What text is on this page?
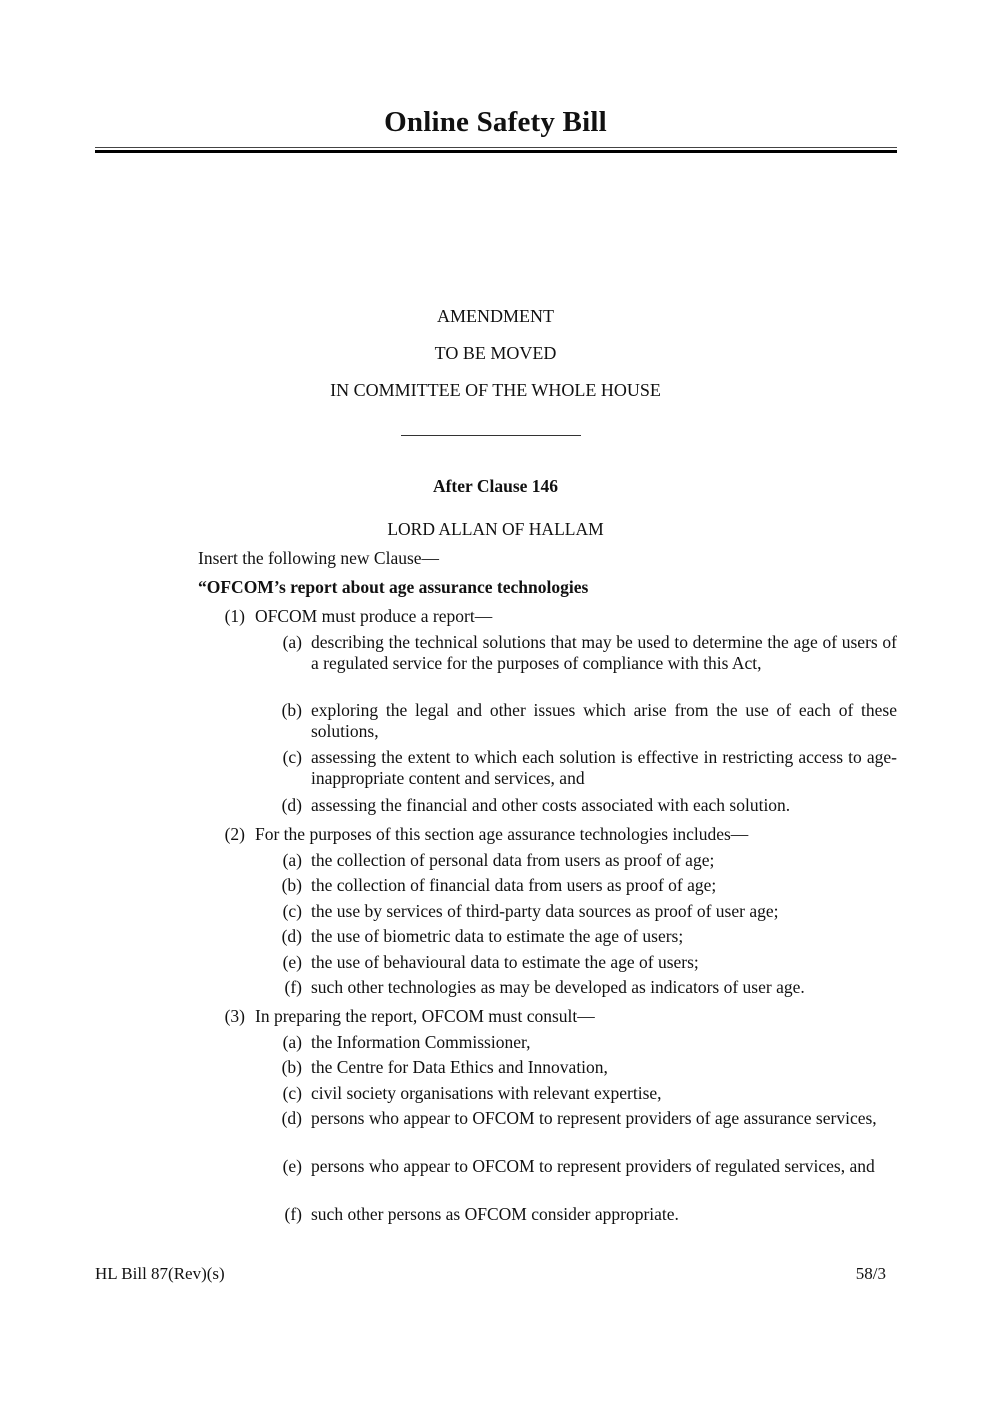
Online Safety Bill
AMENDMENT
TO BE MOVED
IN COMMITTEE OF THE WHOLE HOUSE
After Clause 146
LORD ALLAN OF HALLAM
Insert the following new Clause—
“OFCOM’s report about age assurance technologies
(1) OFCOM must produce a report—
(a) describing the technical solutions that may be used to determine the age of users of a regulated service for the purposes of compliance with this Act,
(b) exploring the legal and other issues which arise from the use of each of these solutions,
(c) assessing the extent to which each solution is effective in restricting access to age-inappropriate content and services, and
(d) assessing the financial and other costs associated with each solution.
(2) For the purposes of this section age assurance technologies includes—
(a) the collection of personal data from users as proof of age;
(b) the collection of financial data from users as proof of age;
(c) the use by services of third-party data sources as proof of user age;
(d) the use of biometric data to estimate the age of users;
(e) the use of behavioural data to estimate the age of users;
(f) such other technologies as may be developed as indicators of user age.
(3) In preparing the report, OFCOM must consult—
(a) the Information Commissioner,
(b) the Centre for Data Ethics and Innovation,
(c) civil society organisations with relevant expertise,
(d) persons who appear to OFCOM to represent providers of age assurance services,
(e) persons who appear to OFCOM to represent providers of regulated services, and
(f) such other persons as OFCOM consider appropriate.
HL Bill 87(Rev)(s)	58/3
